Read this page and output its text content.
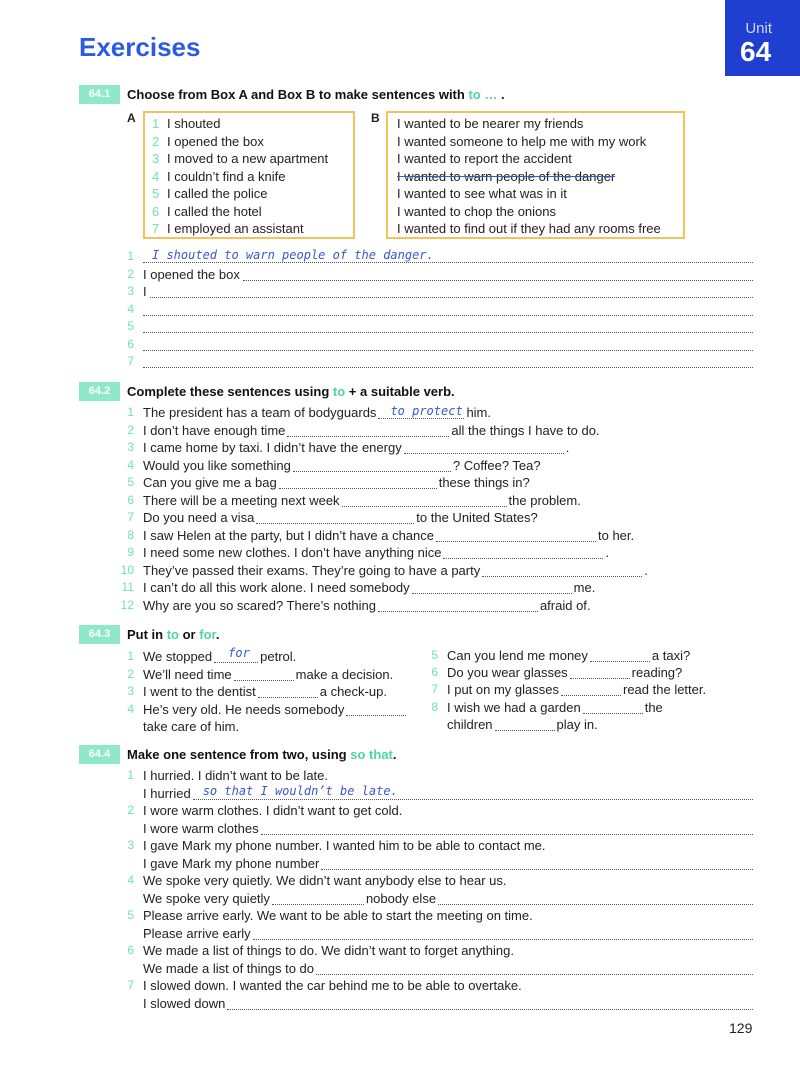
Unit
64
Exercises
64.1	Choose from Box A and Box B to make sentences with to … .
A	B
1 I shouted
2 I opened the box
3 I moved to a new apartment
4 I couldn’t find a knife
5 I called the police
6 I called the hotel
7 I employed an assistant
I wanted to be nearer my friends
I wanted someone to help me with my work
I wanted to report the accident
I wanted to warn people of the danger
I wanted to see what was in it
I wanted to chop the onions
I wanted to find out if they had any rooms free
1 I shouted to warn people of the danger.
2 I opened the box
3 I
4
5
6
7
64.2	Complete these sentences using to + a suitable verb.
1 The president has a team of bodyguards to protect him.
2 I don’t have enough time	all the things I have to do.
3 I came home by taxi. I didn’t have the energy	.
4 Would you like something	? Coffee? Tea?
5 Can you give me a bag	these things in?
6 There will be a meeting next week	the problem.
7 Do you need a visa	to the United States?
8 I saw Helen at the party, but I didn’t have a chance	to her.
9 I need some new clothes. I don’t have anything nice	.
10 They’ve passed their exams. They’re going to have a party	.
11 I can’t do all this work alone. I need somebody	me.
12 Why are you so scared? There’s nothing	afraid of.
64.3	Put in to or for.
1 We stopped for petrol.
2 We’ll need time	make a decision.
3 I went to the dentist	a check-up.
4 He’s very old. He needs somebody
take care of him.
5 Can you lend me money	a taxi?
6 Do you wear glasses	reading?
7 I put on my glasses	read the letter.
8 I wish we had a garden	the
children	play in.
64.4	Make one sentence from two, using so that.
1 I hurried. I didn’t want to be late.
I hurried so that I wouldn’t be late.
2 I wore warm clothes. I didn’t want to get cold.
I wore warm clothes
3 I gave Mark my phone number. I wanted him to be able to contact me.
I gave Mark my phone number
4 We spoke very quietly. We didn’t want anybody else to hear us.
We spoke very quietly	nobody else
5 Please arrive early. We want to be able to start the meeting on time.
Please arrive early
6 We made a list of things to do. We didn’t want to forget anything.
We made a list of things to do
7 I slowed down. I wanted the car behind me to be able to overtake.
I slowed down
129
